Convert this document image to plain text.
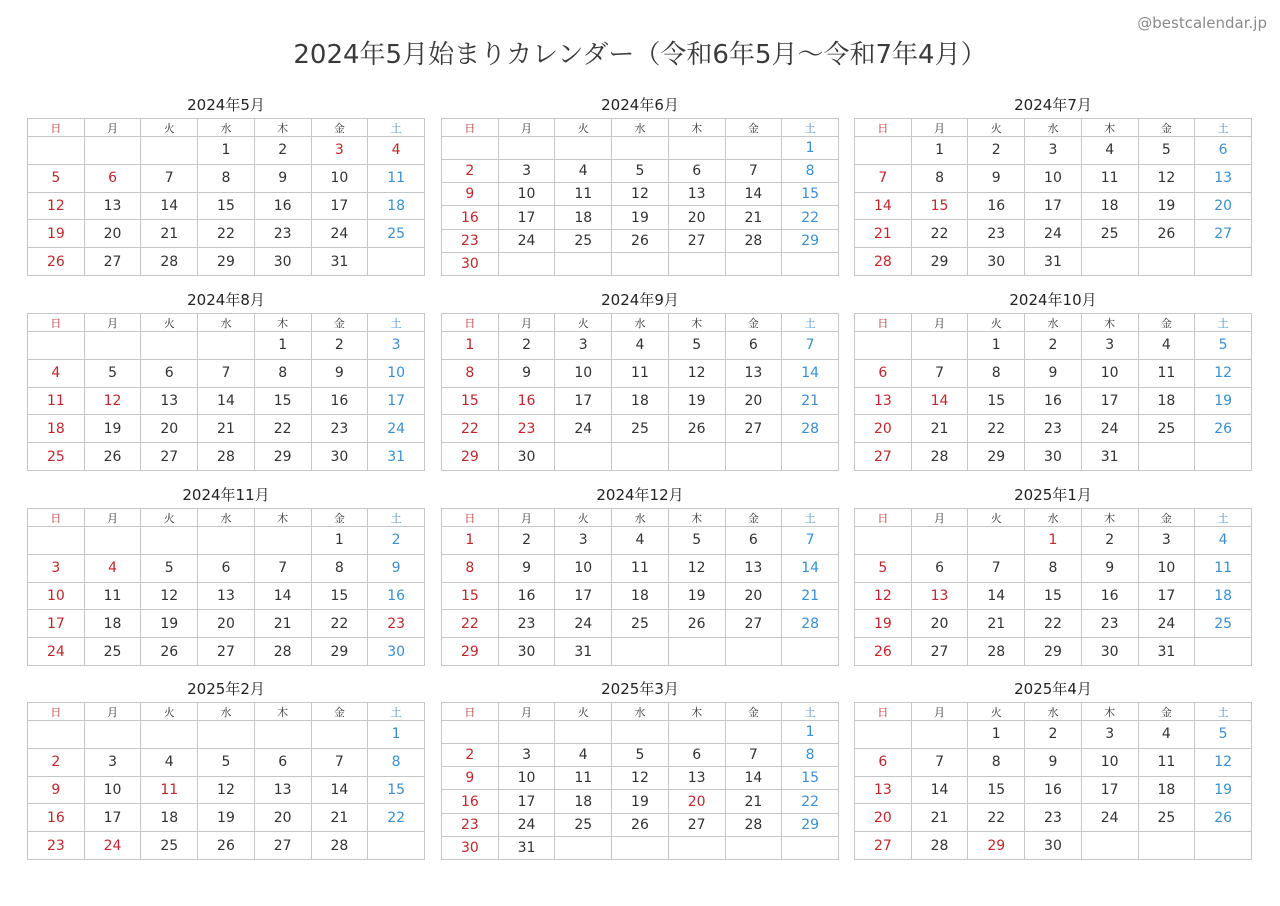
@bestcalendar.jp
2024年5月始まりカレンダー（令和6年5月～令和7年4月）
2024年5月
日	月	火	水	木	金	土
			1	2	3	4
5	6	7	8	9	10	11
12	13	14	15	16	17	18
19	20	21	22	23	24	25
26	27	28	29	30	31	
2024年6月
日	月	火	水	木	金	土
						1
2	3	4	5	6	7	8
9	10	11	12	13	14	15
16	17	18	19	20	21	22
23	24	25	26	27	28	29
30						
2024年7月
日	月	火	水	木	金	土
	1	2	3	4	5	6
7	8	9	10	11	12	13
14	15	16	17	18	19	20
21	22	23	24	25	26	27
28	29	30	31			
2024年8月
日	月	火	水	木	金	土
				1	2	3
4	5	6	7	8	9	10
11	12	13	14	15	16	17
18	19	20	21	22	23	24
25	26	27	28	29	30	31
2024年9月
日	月	火	水	木	金	土
1	2	3	4	5	6	7
8	9	10	11	12	13	14
15	16	17	18	19	20	21
22	23	24	25	26	27	28
29	30					
2024年10月
日	月	火	水	木	金	土
		1	2	3	4	5
6	7	8	9	10	11	12
13	14	15	16	17	18	19
20	21	22	23	24	25	26
27	28	29	30	31		
2024年11月
日	月	火	水	木	金	土
					1	2
3	4	5	6	7	8	9
10	11	12	13	14	15	16
17	18	19	20	21	22	23
24	25	26	27	28	29	30
2024年12月
日	月	火	水	木	金	土
1	2	3	4	5	6	7
8	9	10	11	12	13	14
15	16	17	18	19	20	21
22	23	24	25	26	27	28
29	30	31				
2025年1月
日	月	火	水	木	金	土
			1	2	3	4
5	6	7	8	9	10	11
12	13	14	15	16	17	18
19	20	21	22	23	24	25
26	27	28	29	30	31	
2025年2月
日	月	火	水	木	金	土
						1
2	3	4	5	6	7	8
9	10	11	12	13	14	15
16	17	18	19	20	21	22
23	24	25	26	27	28	
2025年3月
日	月	火	水	木	金	土
						1
2	3	4	5	6	7	8
9	10	11	12	13	14	15
16	17	18	19	20	21	22
23	24	25	26	27	28	29
30	31					
2025年4月
日	月	火	水	木	金	土
		1	2	3	4	5
6	7	8	9	10	11	12
13	14	15	16	17	18	19
20	21	22	23	24	25	26
27	28	29	30			
